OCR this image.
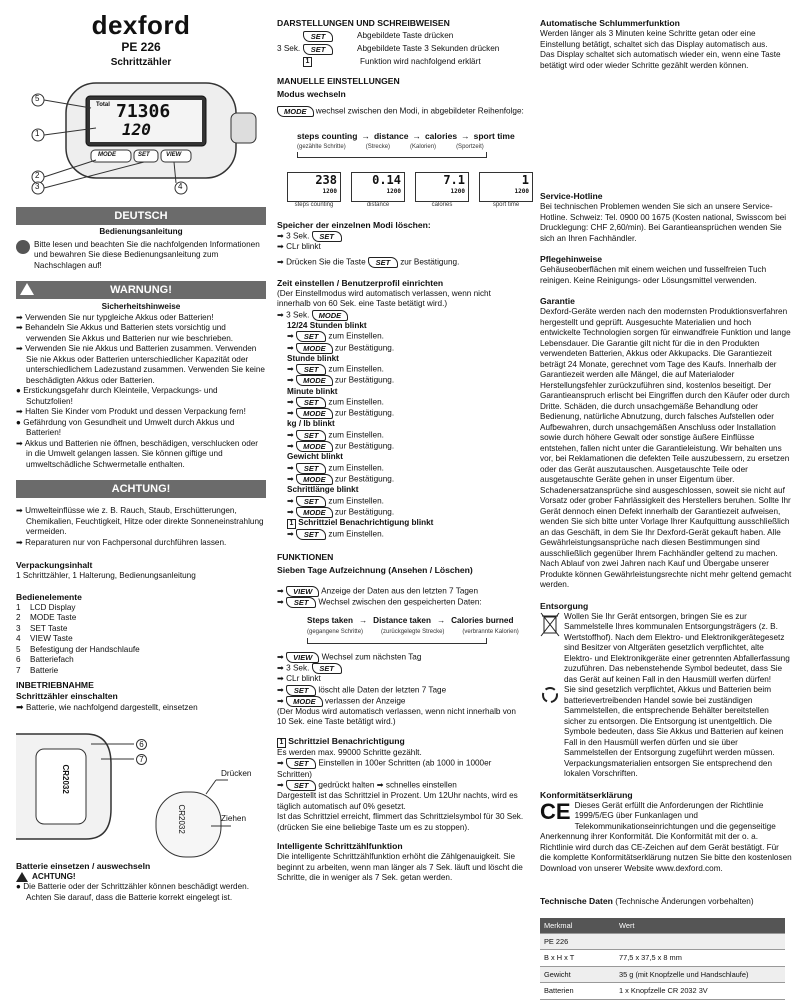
dexford
PE 226
Schrittzähler
Total 71306
120
MODE	SET	VIEW
5
1
2
3	4
DEUTSCH
Bedienungsanleitung
Bitte lesen und beachten Sie die nachfolgenden Informationen und bewahren Sie diese Bedienungsanleitung zum Nachschlagen auf!
WARNUNG!
Sicherheitshinweise
➡ Verwenden Sie nur typgleiche Akkus oder Batterien!
➡ Behandeln Sie Akkus und Batterien stets vorsichtig und verwenden Sie Akkus und Batterien nur wie beschrieben.
➡ Verwenden Sie nie Akkus und Batterien zusammen. Verwenden Sie nie Akkus oder Batterien unterschiedlicher Kapazität oder unterschiedlichem Ladezustand zusammen. Verwenden Sie keine beschädigten Akkus oder Batterien.
● Erstickungsgefahr durch Kleinteile, Verpackungs- und Schutzfolien!
➡ Halten Sie Kinder vom Produkt und dessen Verpackung fern!
● Gefährdung von Gesundheit und Umwelt durch Akkus und Batterien!
➡ Akkus und Batterien nie öffnen, beschädigen, verschlucken oder in die Umwelt gelangen lassen. Sie können giftige und umweltschädliche Schwermetalle enthalten.
ACHTUNG!
➡ Umwelteinflüsse wie z. B. Rauch, Staub, Erschütterungen, Chemikalien, Feuchtigkeit, Hitze oder direkte Sonneneinstrahlung vermeiden.
➡ Reparaturen nur von Fachpersonal durchführen lassen.
Verpackungsinhalt
1 Schrittzähler, 1 Halterung, Bedienungsanleitung
Bedienelemente
1	LCD Display
2	MODE Taste
3	SET Taste
4	VIEW Taste
5	Befestigung der Handschlaufe
6	Batteriefach
7	Batterie
INBETRIEBNAHME
Schrittzähler einschalten
➡ Batterie, wie nachfolgend dargestellt, einsetzen
CR2032
CR2032
6
7
Drücken
Ziehen
Batterie einsetzen / auswechseln
ACHTUNG!
● Die Batterie oder der Schrittzähler können beschädigt werden. Achten Sie darauf, dass die Batterie korrekt eingelegt ist.
DARSTELLUNGEN UND SCHREIBWEISEN
SET	Abgebildete Taste drücken
3 Sek.	SET	Abgebildete Taste 3 Sekunden drücken
1	Funktion wird nachfolgend erklärt
MANUELLE EINSTELLUNGEN
Modus wechseln
MODE wechsel zwischen den Modi, in abgebildeter Reihenfolge:
steps counting → distance → calories → sport time
(gezählte Schritte)	(Strecke)	(Kalorien)	(Sportzeit)
238
1200
steps counting
0.14
1200
distance
7.1
1200
calories
1
1200
sport time
Speicher der einzelnen Modi löschen:
➡ 3 Sek. SET
➡ CLr blinkt
➡ Drücken Sie die Taste SET zur Bestätigung.
Zeit einstellen / Benutzerprofil einrichten
(Der Einstellmodus wird automatisch verlassen, wenn nicht innerhalb von 60 Sek. eine Taste betätigt wird.)
➡ 3 Sek. MODE
12/24 Stunden blinkt
➡ SET zum Einstellen.
➡ MODE zur Bestätigung.
Stunde blinkt
➡ SET zum Einstellen.
➡ MODE zur Bestätigung.
Minute blinkt
➡ SET zum Einstellen.
➡ MODE zur Bestätigung.
kg / lb blinkt
➡ SET zum Einstellen.
➡ MODE zur Bestätigung.
Gewicht blinkt
➡ SET zum Einstellen.
➡ MODE zur Bestätigung.
Schrittlänge blinkt
➡ SET zum Einstellen.
➡ MODE zur Bestätigung.
1 Schrittziel Benachrichtigung blinkt
➡ SET zum Einstellen.
FUNKTIONEN
Sieben Tage Aufzeichnung (Ansehen / Löschen)
➡ VIEW Anzeige der Daten aus den letzten 7 Tagen
➡ SET Wechsel zwischen den gespeicherten Daten:
Steps taken → Distance taken → Calories burned
(gegangene Schritte)	(zurückgelegte Strecke)	(verbrannte Kalorien)
➡ VIEW Wechsel zum nächsten Tag
➡ 3 Sek. SET
➡ CLr blinkt
➡ SET löscht alle Daten der letzten 7 Tage
➡ MODE verlassen der Anzeige
(Der Modus wird automatisch verlassen, wenn nicht innerhalb von 10 Sek. eine Taste betätigt wird.)
1 Schrittziel Benachrichtigung
Es werden max. 99000 Schritte gezählt.
➡ SET Einstellen in 100er Schritten (ab 1000 in 1000er Schritten)
➡ SET gedrückt halten ➡ schnelles einstellen
Dargestellt ist das Schrittziel in Prozent. Um 12Uhr nachts, wird es täglich automatisch auf 0% gesetzt.
Ist das Schrittziel erreicht, flimmert das Schrittzielsymbol für 30 Sek. (drücken Sie eine beliebige Taste um es zu stoppen).
Intelligente Schrittzählfunktion
Die intelligente Schrittzählfunktion erhöht die Zählgenauigkeit. Sie beginnt zu arbeiten, wenn man länger als 7 Sek. läuft und löscht die Schritte, die in weniger als 7 Sek. getan werden.
Automatische Schlummerfunktion
Werden länger als 3 Minuten keine Schritte getan oder eine Einstellung betätigt, schaltet sich das Display automatisch aus.
Das Display schaltet sich automatisch wieder ein, wenn eine Taste betätigt wird oder wieder Schritte gezählt werden können.
Service-Hotline
Bei technischen Problemen wenden Sie sich an unsere Service-Hotline. Schweiz: Tel. 0900 00 1675 (Kosten national, Swisscom bei Drucklegung: CHF 2,60/min). Bei Garantieansprüchen wenden Sie sich an Ihren Fachhändler.
Pflegehinweise
Gehäuseoberflächen mit einem weichen und fusselfreien Tuch reinigen. Keine Reinigungs- oder Lösungsmittel verwenden.
Garantie
Dexford-Geräte werden nach den modernsten Produktionsverfahren hergestellt und geprüft. Ausgesuchte Materialien und hoch entwickelte Technologien sorgen für einwandfreie Funktion und lange Lebensdauer. Die Garantie gilt nicht für die in den Produkten verwendeten Batterien, Akkus oder Akkupacks. Die Garantiezeit beträgt 24 Monate, gerechnet vom Tage des Kaufs. Innerhalb der Garantiezeit werden alle Mängel, die auf Materialoder Herstellungsfehler zurückzuführen sind, kostenlos beseitigt. Der Garantieanspruch erlischt bei Eingriffen durch den Käufer oder durch Dritte. Schäden, die durch unsachgemäße Behandlung oder Bedienung, natürliche Abnutzung, durch falsches Aufstellen oder Aufbewahren, durch unsachgemäßen Anschluss oder Installation sowie durch höhere Gewalt oder sonstige äußere Einflüsse entstehen, fallen nicht unter die Garantieleistung. Wir behalten uns vor, bei Reklamationen die defekten Teile auszubessern, zu ersetzen oder das Gerät auszutauschen. Ausgetauschte Teile oder ausgetauschte Geräte gehen in unser Eigentum über. Schadenersatzansprüche sind ausgeschlossen, soweit sie nicht auf Vorsatz oder grober Fahrlässigkeit des Herstellers beruhen. Sollte Ihr Gerät dennoch einen Defekt innerhalb der Garantiezeit aufweisen, wenden Sie sich bitte unter Vorlage Ihrer Kaufquittung ausschließlich an das Geschäft, in dem Sie Ihr Dexford-Gerät gekauft haben. Alle Gewährleistungsansprüche nach diesen Bestimmungen sind ausschließlich gegenüber Ihrem Fachhändler geltend zu machen. Nach Ablauf von zwei Jahren nach Kauf und Übergabe unserer Produkte können Gewährleistungsrechte nicht mehr geltend gemacht werden.
Entsorgung
Wollen Sie Ihr Gerät entsorgen, bringen Sie es zur Sammelstelle Ihres kommunalen Entsorgungsträgers (z. B. Wertstoffhof). Nach dem Elektro- und Elektronikgerätegesetz sind Besitzer von Altgeräten gesetzlich verpflichtet, alte Elektro- und Elektronikgeräte einer getrennten Abfallerfassung zuzuführen. Das nebenstehende Symbol bedeutet, dass Sie das Gerät auf keinen Fall in den Hausmüll werfen dürfen!
Sie sind gesetzlich verpflichtet, Akkus und Batterien beim batterievertreibenden Handel sowie bei zuständigen Sammelstellen, die entsprechende Behälter bereitstellen sicher zu entsorgen. Die Entsorgung ist unentgeltlich. Die Symbole bedeuten, dass Sie Akkus und Batterien auf keinen Fall in den Hausmüll werfen dürfen und sie über Sammelstellen der Entsorgung zugeführt werden müssen. Verpackungsmaterialien entsorgen Sie entsprechend den lokalen Vorschriften.
Konformitätserklärung
CE Dieses Gerät erfüllt die Anforderungen der Richtlinie 1999/5/EG über Funkanlagen und Telekommunikationseinrichtungen und die gegenseitige Anerkennung ihrer Konformität. Die Konformität mit der o. a. Richtlinie wird durch das CE-Zeichen auf dem Gerät bestätigt. Für die komplette Konformitätserklärung nutzen Sie bitte den kostenlosen Download von unserer Website www.dexford.com.
Technische Daten (Technische Änderungen vorbehalten)
Merkmal	Wert
PE 226	
B x H x T	77,5 x 37,5 x 8 mm
Gewicht	35 g (mit Knopfzelle und Handschlaufe)
Batterien	1 x Knopfzelle CR 2032 3V
